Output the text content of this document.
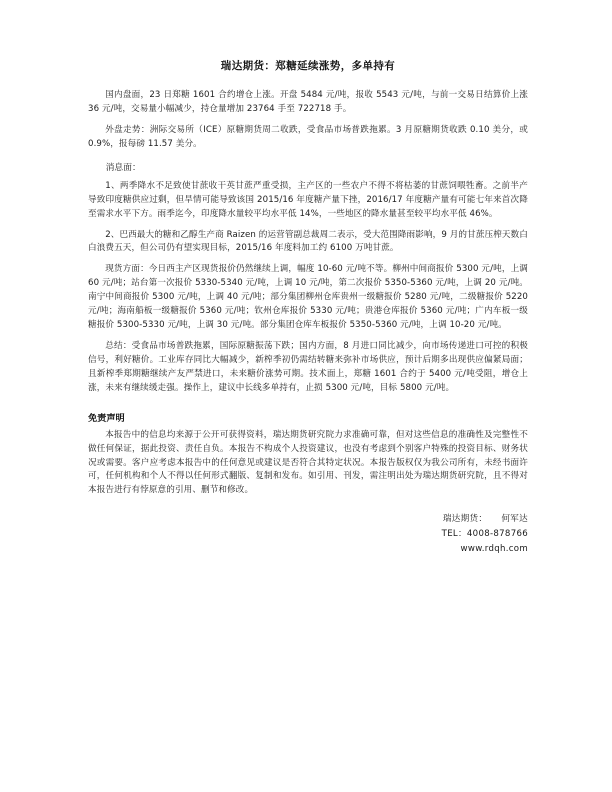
瑞达期货：郑糖延续涨势，多单持有

国内盘面，23 日郑糖 1601 合约增仓上涨。开盘 5484 元/吨，报收 5543 元/吨，与前一交易日结算价上涨 36 元/吨，交易量小幅减少，持仓量增加 23764 手至 722718 手。

外盘走势：洲际交易所（ICE）原糖期货周二收跌，受食品市场普跌拖累。3 月原糖期货收跌 0.10 美分，或 0.9%，报每磅 11.57 美分。

消息面：

1、两季降水不足致使甘蔗收干英甘蔗严重受损，主产区的一些农户不得不将枯萎的甘蔗饲喂牲畜。之前半产导致印度糖供应过剩，但旱情可能导致该国 2015/16 年度糖产量下挫，2016/17 年度糖产量有可能七年来首次降至需求水平下方。雨季迄今，印度降水量较平均水平低 14%，一些地区的降水量甚至较平均水平低 46%。

2、巴西最大的糖和乙醇生产商 Raizen 的运营管副总裁周二表示，受大范围降雨影响，9 月的甘蔗压榨天数白白浪费五天，但公司仍有望实现目标，2015/16 年度料加工约 6100 万吨甘蔗。

现货方面：今日西主产区现货报价仍然继续上调，幅度 10-60 元/吨不等。柳州中间商报价 5300 元/吨，上调 60 元/吨；站台第一次报价 5330-5340 元/吨，上调 10 元/吨，第二次报价 5350-5360 元/吨，上调 20 元/吨。南宁中间商报价 5300 元/吨，上调 40 元/吨；部分集团柳州仓库贵州一级糖报价 5280 元/吨，二级糖报价 5220 元/吨；海南船板一级糖报价 5360 元/吨；钦州仓库报价 5330 元/吨；贵港仓库报价 5360 元/吨；广内车板一级糖报价 5300-5330 元/吨，上调 30 元/吨。部分集团仓库车板报价 5350-5360 元/吨，上调 10-20 元/吨。

总结：受食品市场普跌拖累，国际原糖振荡下跌；国内方面，8 月进口同比减少，向市场传递进口可控的积极信号，利好糖价。工业库存同比大幅减少，新榨季初仍需结转糖来弥补市场供应，预计后期多出现供应偏紧局面；且新榨季郑期糖继续产友严禁进口，未来糖价涨势可期。技术面上，郑糖 1601 合约于 5400 元/吨受阻，增仓上涨，未来有继续缓走强。操作上，建议中长线多单持有，止损 5300 元/吨，目标 5800 元/吨。

免责声明

本报告中的信息均来源于公开可获得资料，瑞达期货研究院力求准确可靠，但对这些信息的准确性及完整性不做任何保证，据此投资、责任自负。本报告不构成个人投资建议，也没有考虑到个别客户特殊的投资目标、财务状况或需要。客户应考虑本报告中的任何意见或建议是否符合其特定状况。本报告版权仅为我公司所有，未经书面许可，任何机构和个人不得以任何形式翻版、复制和发布。如引用、刊发，需注明出处为瑞达期货研究院，且不得对本报告进行有悖原意的引用、删节和修改。

瑞达期货： 何军达
TEL：4008-878766
www.rdqh.com
